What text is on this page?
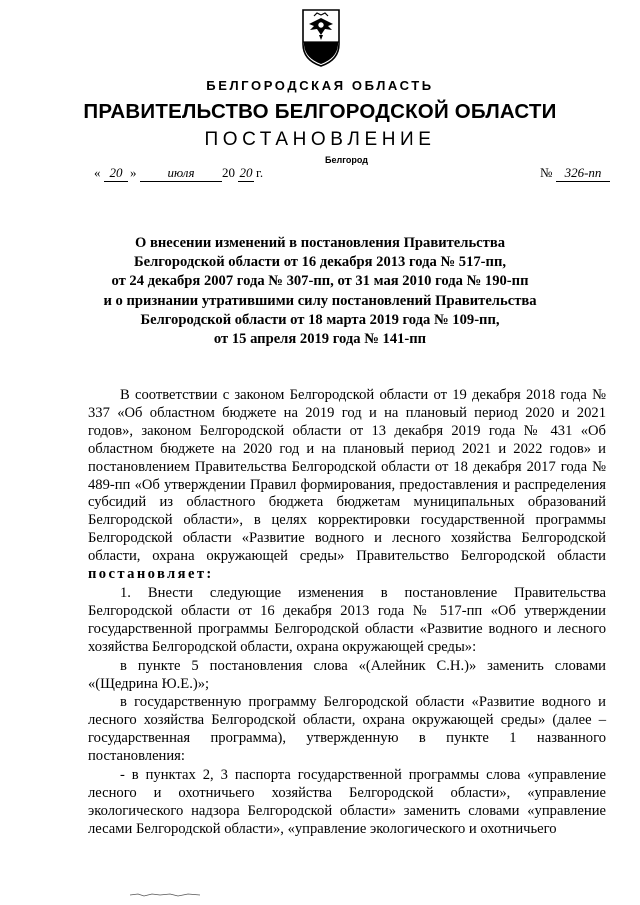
БЕЛГОРОДСКАЯ ОБЛАСТЬ
ПРАВИТЕЛЬСТВО БЕЛГОРОДСКОЙ ОБЛАСТИ
ПОСТАНОВЛЕНИЕ
Белгород
« 20 »	июля	20 20 г.	№ 326-пп
О внесении изменений в постановления Правительства
Белгородской области от 16 декабря 2013 года № 517-пп,
от 24 декабря 2007 года № 307-пп, от 31 мая 2010 года № 190-пп
и о признании утратившими силу постановлений Правительства
Белгородской области от 18 марта 2019 года № 109-пп,
от 15 апреля 2019 года № 141-пп

В соответствии с законом Белгородской области от 19 декабря 2018 года № 337 «Об областном бюджете на 2019 год и на плановый период 2020 и 2021 годов», законом Белгородской области от 13 декабря 2019 года № 431 «Об областном бюджете на 2020 год и на плановый период 2021 и 2022 годов» и постановлением Правительства Белгородской области от 18 декабря 2017 года № 489-пп «Об утверждении Правил формирования, предоставления и распределения субсидий из областного бюджета бюджетам муниципальных образований Белгородской области», в целях корректировки государственной программы Белгородской области «Развитие водного и лесного хозяйства Белгородской области, охрана окружающей среды» Правительство Белгородской области постановляет:

1. Внести следующие изменения в постановление Правительства Белгородской области от 16 декабря 2013 года № 517-пп «Об утверждении государственной программы Белгородской области «Развитие водного и лесного хозяйства Белгородской области, охрана окружающей среды»:

в пункте 5 постановления слова «(Алейник С.Н.)» заменить словами «(Щедрина Ю.Е.)»;

в государственную программу Белгородской области «Развитие водного и лесного хозяйства Белгородской области, охрана окружающей среды» (далее – государственная программа), утвержденную в пункте 1 названного постановления:

- в пунктах 2, 3 паспорта государственной программы слова «управление лесного и охотничьего хозяйства Белгородской области», «управление экологического надзора Белгородской области» заменить словами «управление лесами Белгородской области», «управление экологического и охотничьего
